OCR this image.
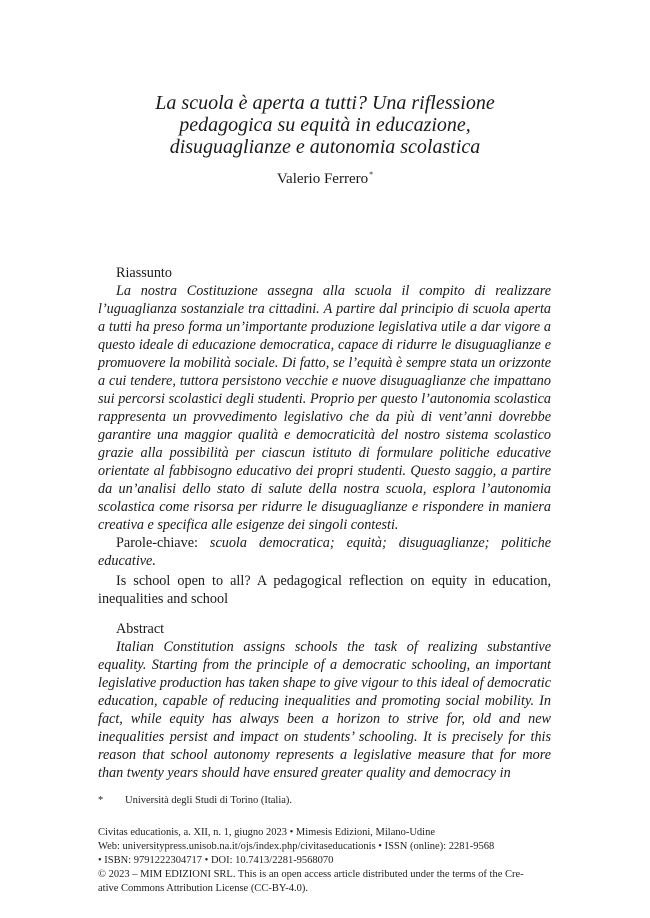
La scuola è aperta a tutti? Una riflessione
pedagogica su equità in educazione,
disuguaglianze e autonomia scolastica
Valerio Ferrero*

Riassunto

La nostra Costituzione assegna alla scuola il compito di realizzare l’uguaglianza sostanziale tra cittadini. A partire dal principio di scuola aperta a tutti ha preso forma un’importante produzione legislativa utile a dar vigore a questo ideale di educazione democratica, capace di ridurre le disuguaglianze e promuovere la mobilità sociale. Di fatto, se l’equità è sempre stata un orizzonte a cui tendere, tuttora persistono vecchie e nuove disuguaglianze che impattano sui percorsi scolastici degli studenti. Proprio per questo l’autonomia scolastica rappresenta un provvedimento legislativo che da più di vent’anni dovrebbe garantire una maggior qualità e democraticità del nostro sistema scolastico grazie alla possibilità per ciascun istituto di formulare politiche educative orientate al fabbisogno educativo dei propri studenti. Questo saggio, a partire da un’analisi dello stato di salute della nostra scuola, esplora l’autonomia scolastica come risorsa per ridurre le disuguaglianze e rispondere in maniera creativa e specifica alle esigenze dei singoli contesti.

Parole-chiave: scuola democratica; equità; disuguaglianze; politiche educative.

Is school open to all? A pedagogical reflection on equity in education, inequalities and school

Abstract

Italian Constitution assigns schools the task of realizing substantive equality. Starting from the principle of a democratic schooling, an important legislative production has taken shape to give vigour to this ideal of democratic education, capable of reducing inequalities and promoting social mobility. In fact, while equity has always been a horizon to strive for, old and new inequalities persist and impact on students’ schooling. It is precisely for this reason that school autonomy represents a legislative measure that for more than twenty years should have ensured greater quality and democracy in

* Università degli Studi di Torino (Italia).
Civitas educationis, a. XII, n. 1, giugno 2023 • Mimesis Edizioni, Milano-Udine
Web: universitypress.unisob.na.it/ojs/index.php/civitaseducationis • ISSN (online): 2281-9568
• ISBN: 9791222304717 • DOI: 10.7413/2281-9568070
© 2023 – MIM EDIZIONI SRL. This is an open access article distributed under the terms of the Cre-
ative Commons Attribution License (CC-BY-4.0).
